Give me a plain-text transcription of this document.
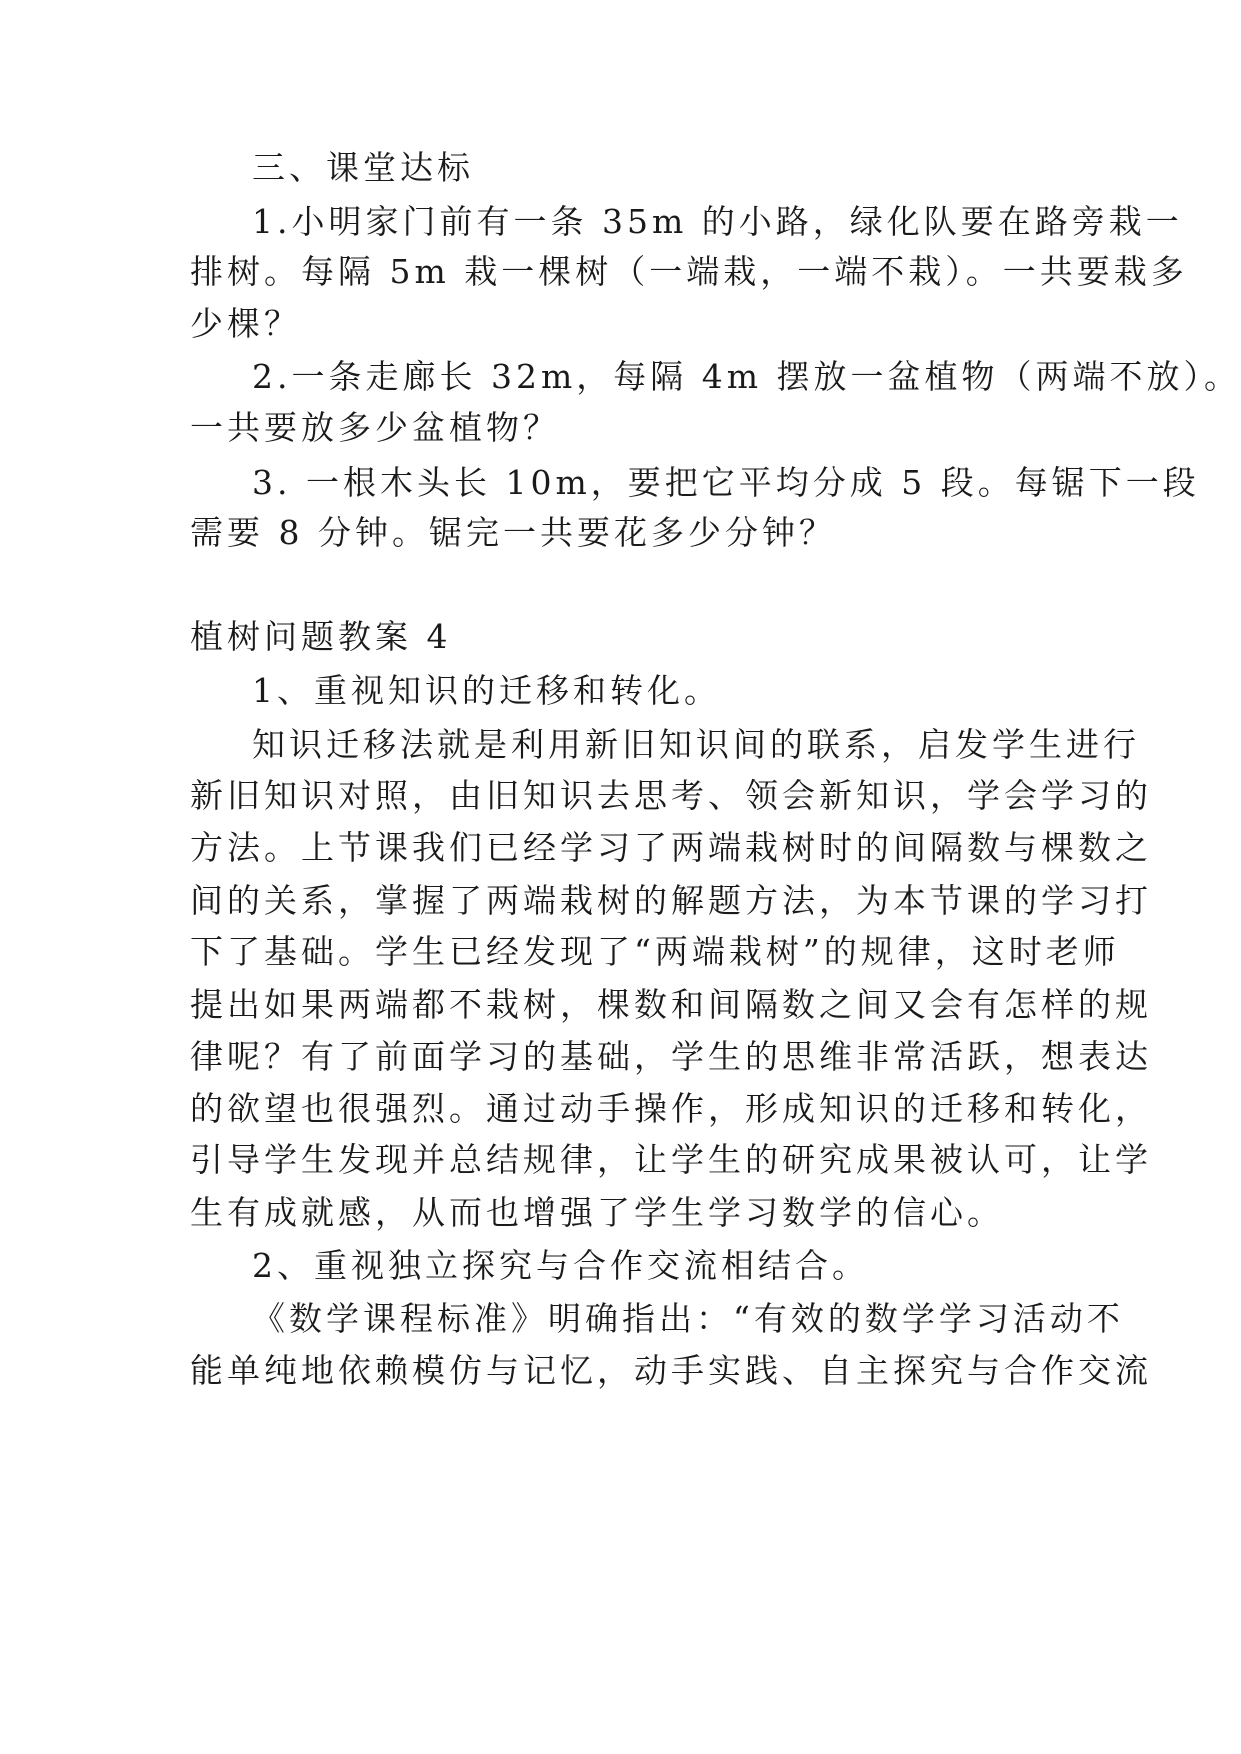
三、课堂达标
1.小明家门前有一条 35m 的小路，绿化队要在路旁栽一
排树。每隔 5m 栽一棵树（一端栽，一端不栽）。一共要栽多
少棵？
2.一条走廊长 32m，每隔 4m 摆放一盆植物（两端不放）。
一共要放多少盆植物？
3. 一根木头长 10m，要把它平均分成 5 段。每锯下一段
需要 8 分钟。锯完一共要花多少分钟？
植树问题教案 4
1、重视知识的迁移和转化。
知识迁移法就是利用新旧知识间的联系，启发学生进行
新旧知识对照，由旧知识去思考、领会新知识，学会学习的
方法。上节课我们已经学习了两端栽树时的间隔数与棵数之
间的关系，掌握了两端栽树的解题方法，为本节课的学习打
下了基础。学生已经发现了“两端栽树”的规律，这时老师
提出如果两端都不栽树，棵数和间隔数之间又会有怎样的规
律呢？有了前面学习的基础，学生的思维非常活跃，想表达
的欲望也很强烈。通过动手操作，形成知识的迁移和转化，
引导学生发现并总结规律，让学生的研究成果被认可，让学
生有成就感，从而也增强了学生学习数学的信心。
2、重视独立探究与合作交流相结合。
《数学课程标准》明确指出：“有效的数学学习活动不
能单纯地依赖模仿与记忆，动手实践、自主探究与合作交流
